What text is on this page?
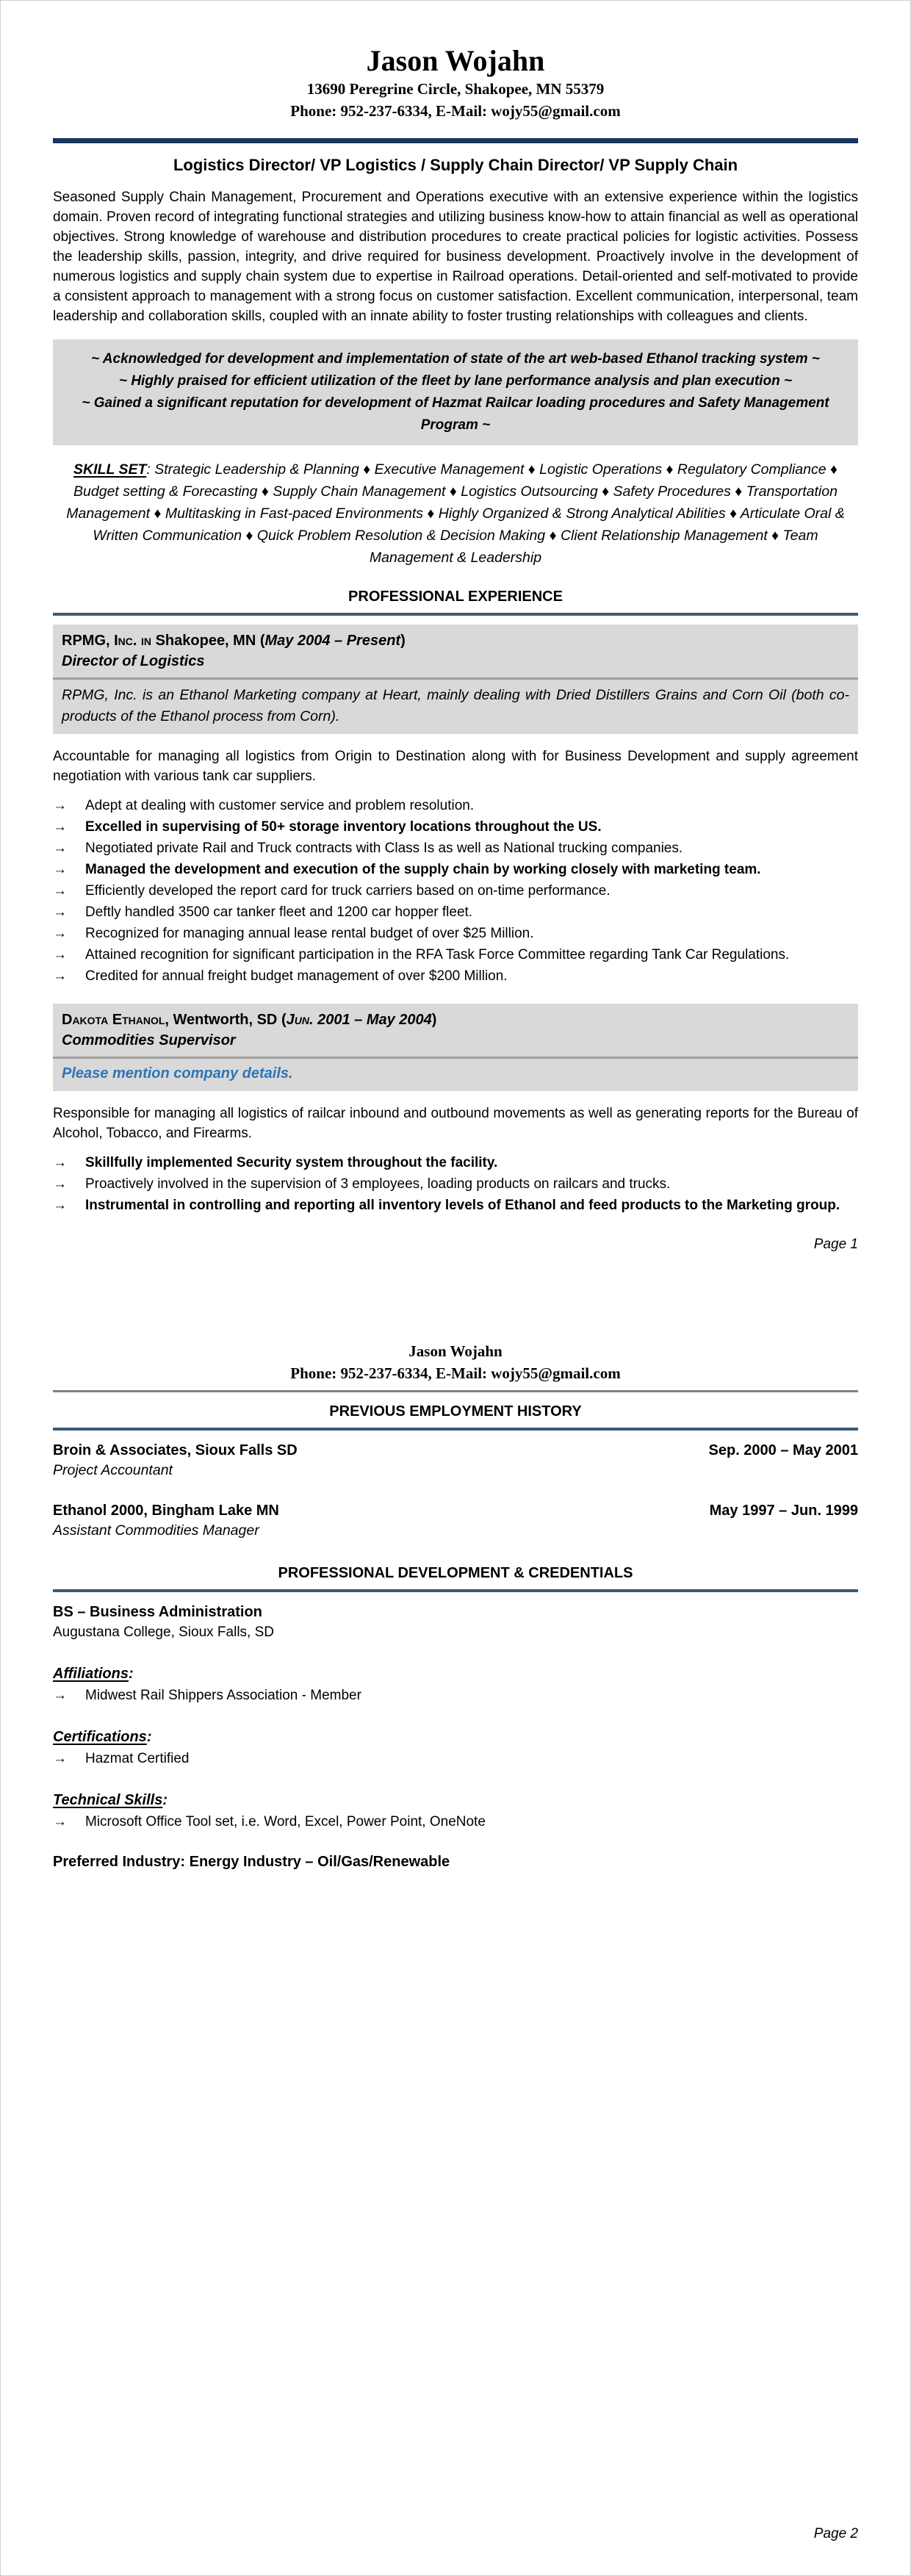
Jason Wojahn
13690 Peregrine Circle, Shakopee, MN 55379
Phone: 952-237-6334, E-Mail: wojy55@gmail.com
Logistics Director/ VP Logistics / Supply Chain Director/ VP Supply Chain

Seasoned Supply Chain Management, Procurement and Operations executive with an extensive experience within the logistics domain. Proven record of integrating functional strategies and utilizing business know-how to attain financial as well as operational objectives. Strong knowledge of warehouse and distribution procedures to create practical policies for logistic activities. Possess the leadership skills, passion, integrity, and drive required for business development. Proactively involve in the development of numerous logistics and supply chain system due to expertise in Railroad operations. Detail-oriented and self-motivated to provide a consistent approach to management with a strong focus on customer satisfaction. Excellent communication, interpersonal, team leadership and collaboration skills, coupled with an innate ability to foster trusting relationships with colleagues and clients.

~ Acknowledged for development and implementation of state of the art web-based Ethanol tracking system ~
~ Highly praised for efficient utilization of the fleet by lane performance analysis and plan execution ~
~ Gained a significant reputation for development of Hazmat Railcar loading procedures and Safety Management Program ~

SKILL SET: Strategic Leadership & Planning ♦ Executive Management ♦ Logistic Operations ♦ Regulatory Compliance ♦ Budget setting & Forecasting ♦ Supply Chain Management ♦ Logistics Outsourcing ♦ Safety Procedures ♦ Transportation Management ♦ Multitasking in Fast-paced Environments ♦ Highly Organized & Strong Analytical Abilities ♦ Articulate Oral & Written Communication ♦ Quick Problem Resolution & Decision Making ♦ Client Relationship Management ♦ Team Management & Leadership

PROFESSIONAL EXPERIENCE
RPMG, Inc. in Shakopee, MN (May 2004 – Present)
Director of Logistics
RPMG, Inc. is an Ethanol Marketing company at Heart, mainly dealing with Dried Distillers Grains and Corn Oil (both co-products of the Ethanol process from Corn).

Accountable for managing all logistics from Origin to Destination along with for Business Development and supply agreement negotiation with various tank car suppliers.

→ Adept at dealing with customer service and problem resolution.
→ Excelled in supervising of 50+ storage inventory locations throughout the US.
→ Negotiated private Rail and Truck contracts with Class Is as well as National trucking companies.
→ Managed the development and execution of the supply chain by working closely with marketing team.
→ Efficiently developed the report card for truck carriers based on on-time performance.
→ Deftly handled 3500 car tanker fleet and 1200 car hopper fleet.
→ Recognized for managing annual lease rental budget of over $25 Million.
→ Attained recognition for significant participation in the RFA Task Force Committee regarding Tank Car Regulations.
→ Credited for annual freight budget management of over $200 Million.
Dakota Ethanol, Wentworth, SD (Jun. 2001 – May 2004)
Commodities Supervisor
Please mention company details.

Responsible for managing all logistics of railcar inbound and outbound movements as well as generating reports for the Bureau of Alcohol, Tobacco, and Firearms.

→ Skillfully implemented Security system throughout the facility.
→ Proactively involved in the supervision of 3 employees, loading products on railcars and trucks.
→ Instrumental in controlling and reporting all inventory levels of Ethanol and feed products to the Marketing group.
Page 1
Jason Wojahn
Phone: 952-237-6334, E-Mail: wojy55@gmail.com
PREVIOUS EMPLOYMENT HISTORY
Broin & Associates, Sioux Falls SD	Sep. 2000 – May 2001
Project Accountant
Ethanol 2000, Bingham Lake MN	May 1997 – Jun. 1999
Assistant Commodities Manager
PROFESSIONAL DEVELOPMENT & CREDENTIALS
BS – Business Administration
Augustana College, Sioux Falls, SD
Affiliations:
→ Midwest Rail Shippers Association - Member
Certifications:
→ Hazmat Certified
Technical Skills:
→ Microsoft Office Tool set, i.e. Word, Excel, Power Point, OneNote
Preferred Industry: Energy Industry – Oil/Gas/Renewable
Page 2
